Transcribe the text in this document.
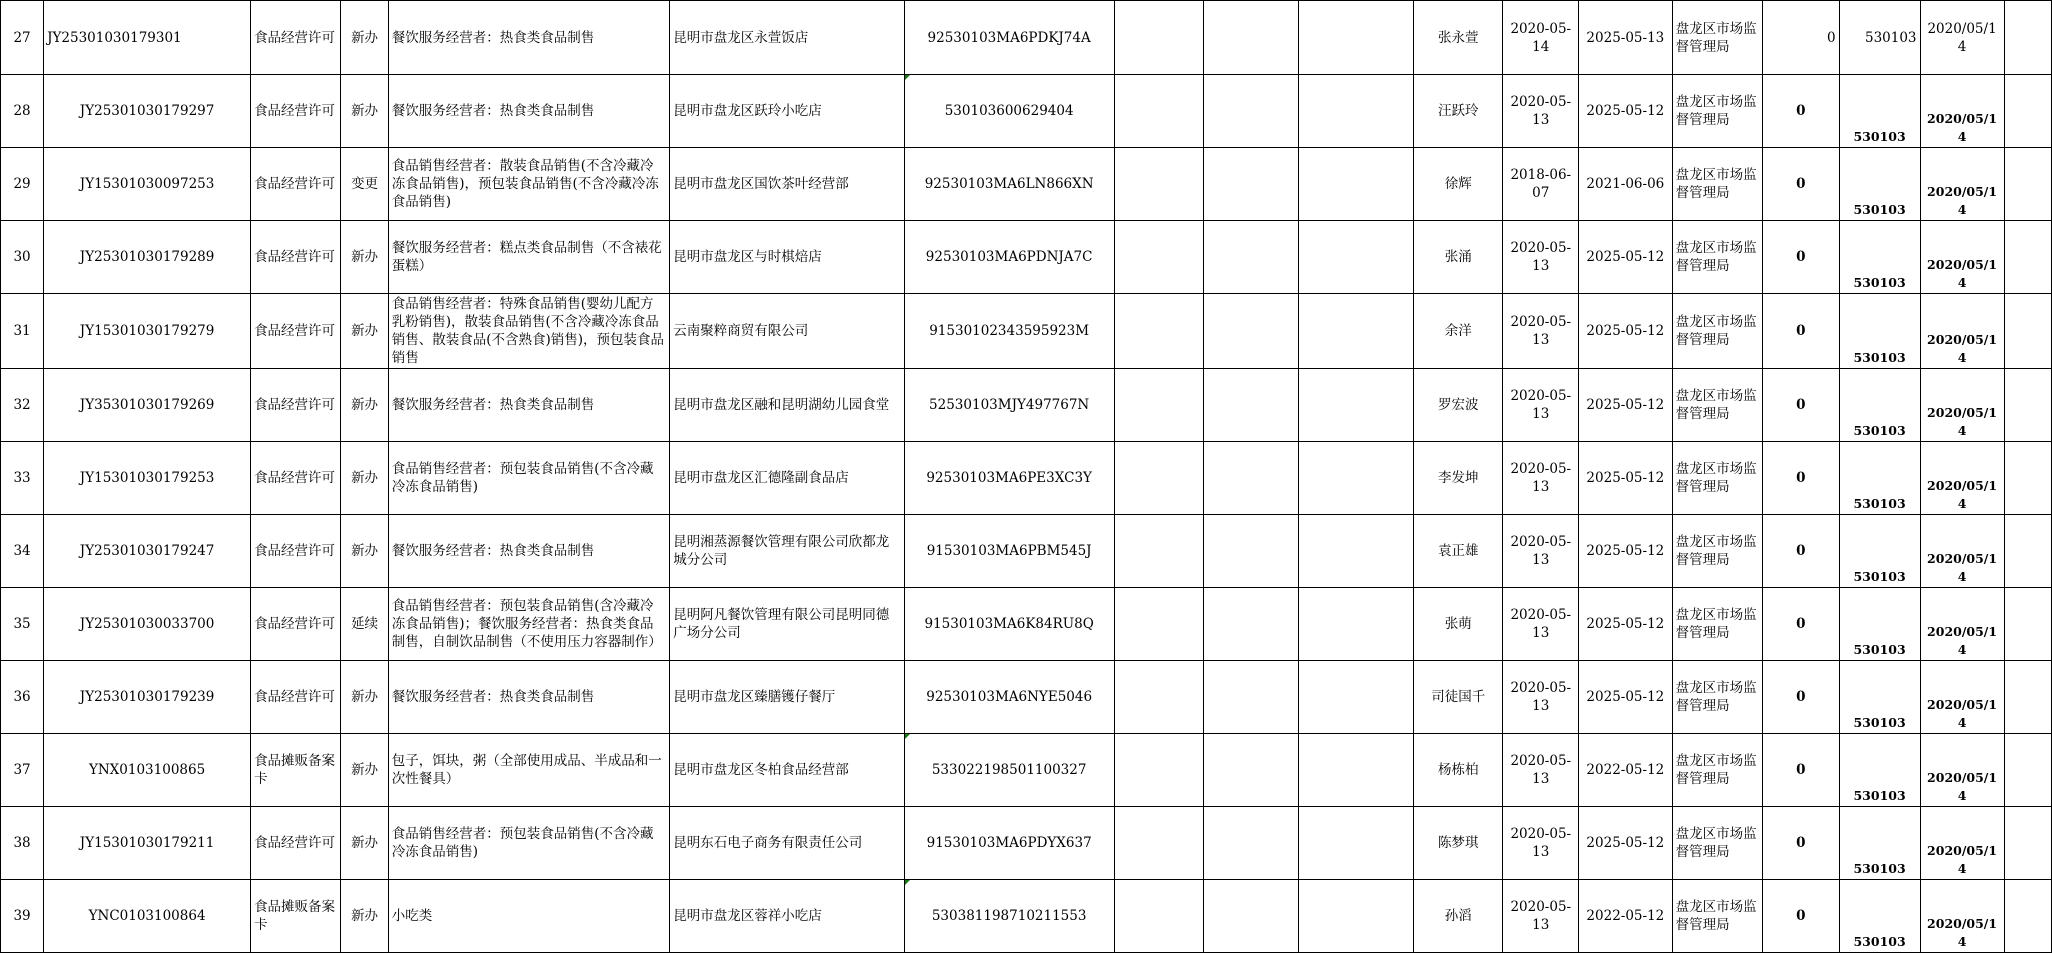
27	JY25301030179301	食品经营许可	新办	餐饮服务经营者：热食类食品制售	昆明市盘龙区永萱饭店	92530103MA6PDKJ74A				张永萱	2020-05-14	2025-05-13	盘龙区市场监督管理局	0	530103	2020/05/14	
28	JY25301030179297	食品经营许可	新办	餐饮服务经营者：热食类食品制售	昆明市盘龙区跃玲小吃店	530103600629404				汪跃玲	2020-05-13	2025-05-12	盘龙区市场监督管理局	0	530103	2020/05/14	
29	JY15301030097253	食品经营许可	变更	食品销售经营者：散装食品销售(不含冷藏冷冻食品销售)，预包装食品销售(不含冷藏冷冻食品销售)	昆明市盘龙区国饮茶叶经营部	92530103MA6LN866XN				徐辉	2018-06-07	2021-06-06	盘龙区市场监督管理局	0	530103	2020/05/14	
30	JY25301030179289	食品经营许可	新办	餐饮服务经营者：糕点类食品制售（不含裱花蛋糕）	昆明市盘龙区与时棋焙店	92530103MA6PDNJA7C				张涌	2020-05-13	2025-05-12	盘龙区市场监督管理局	0	530103	2020/05/14	
31	JY15301030179279	食品经营许可	新办	食品销售经营者：特殊食品销售(婴幼儿配方乳粉销售)，散装食品销售(不含冷藏冷冻食品销售、散装食品(不含熟食)销售)，预包装食品销售	云南聚粹商贸有限公司	91530102343595923M				余洋	2020-05-13	2025-05-12	盘龙区市场监督管理局	0	530103	2020/05/14	
32	JY35301030179269	食品经营许可	新办	餐饮服务经营者：热食类食品制售	昆明市盘龙区融和昆明湖幼儿园食堂	52530103MJY497767N				罗宏波	2020-05-13	2025-05-12	盘龙区市场监督管理局	0	530103	2020/05/14	
33	JY15301030179253	食品经营许可	新办	食品销售经营者：预包装食品销售(不含冷藏冷冻食品销售)	昆明市盘龙区汇德隆副食品店	92530103MA6PE3XC3Y				李发坤	2020-05-13	2025-05-12	盘龙区市场监督管理局	0	530103	2020/05/14	
34	JY25301030179247	食品经营许可	新办	餐饮服务经营者：热食类食品制售	昆明湘蒸源餐饮管理有限公司欣都龙城分公司	91530103MA6PBM545J				袁正雄	2020-05-13	2025-05-12	盘龙区市场监督管理局	0	530103	2020/05/14	
35	JY25301030033700	食品经营许可	延续	食品销售经营者：预包装食品销售(含冷藏冷冻食品销售)；餐饮服务经营者：热食类食品制售，自制饮品制售（不使用压力容器制作）	昆明阿凡餐饮管理有限公司昆明同德广场分公司	91530103MA6K84RU8Q				张萌	2020-05-13	2025-05-12	盘龙区市场监督管理局	0	530103	2020/05/14	
36	JY25301030179239	食品经营许可	新办	餐饮服务经营者：热食类食品制售	昆明市盘龙区臻膳镬仔餐厅	92530103MA6NYE5046				司徒国千	2020-05-13	2025-05-12	盘龙区市场监督管理局	0	530103	2020/05/14	
37	YNX0103100865	食品摊贩备案卡	新办	包子，饵块，粥（全部使用成品、半成品和一次性餐具）	昆明市盘龙区冬柏食品经营部	533022198501100327				杨栋柏	2020-05-13	2022-05-12	盘龙区市场监督管理局	0	530103	2020/05/14	
38	JY15301030179211	食品经营许可	新办	食品销售经营者：预包装食品销售(不含冷藏冷冻食品销售)	昆明东石电子商务有限责任公司	91530103MA6PDYX637				陈梦琪	2020-05-13	2025-05-12	盘龙区市场监督管理局	0	530103	2020/05/14	
39	YNC0103100864	食品摊贩备案卡	新办	小吃类	昆明市盘龙区蓉祥小吃店	530381198710211553				孙滔	2020-05-13	2022-05-12	盘龙区市场监督管理局	0	530103	2020/05/14	
